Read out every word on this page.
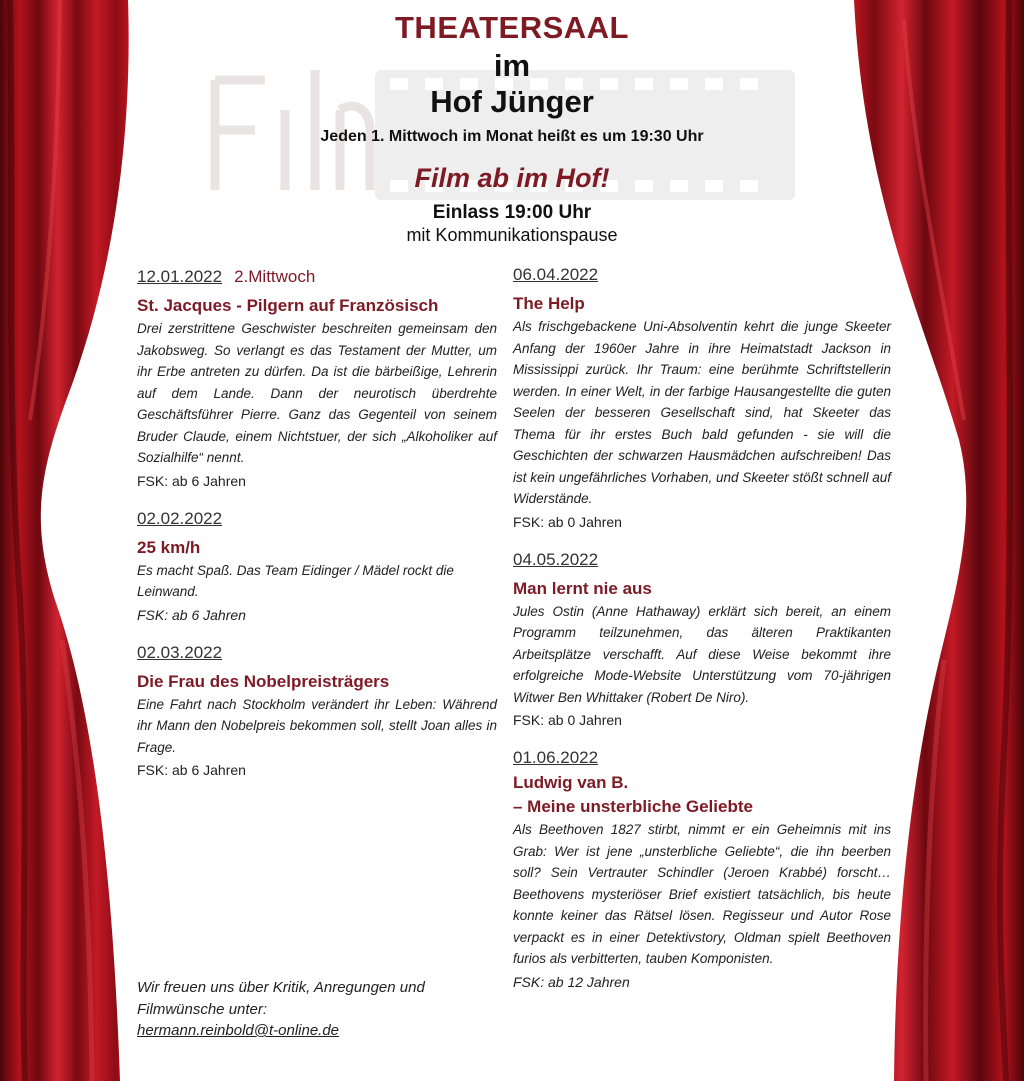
THEATERSAAL
im
Hof Jünger
Jeden 1. Mittwoch im Monat heißt es um 19:30 Uhr
Film ab im Hof!
Einlass 19:00 Uhr
mit Kommunikationspause
12.01.2022 2.Mittwoch
St. Jacques - Pilgern auf Französisch
Drei zerstrittene Geschwister beschreiten gemeinsam den Jakobsweg. So verlangt es das Testament der Mutter, um ihr Erbe antreten zu dürfen. Da ist die bärbeißige, Lehrerin auf dem Lande. Dann der neurotisch überdrehte Geschäftsführer Pierre. Ganz das Gegenteil von seinem Bruder Claude, einem Nichtstuer, der sich „Alkoholiker auf Sozialhilfe“ nennt.
FSK: ab 6 Jahren
02.02.2022
25 km/h
Es macht Spaß. Das Team Eidinger / Mädel rockt die Leinwand.
FSK: ab 6 Jahren
02.03.2022
Die Frau des Nobelpreisträgers
Eine Fahrt nach Stockholm verändert ihr Leben: Während ihr Mann den Nobelpreis bekommen soll, stellt Joan alles in Frage.
FSK: ab 6 Jahren
06.04.2022
The Help
Als frischgebackene Uni-Absolventin kehrt die junge Skeeter Anfang der 1960er Jahre in ihre Heimatstadt Jackson in Mississippi zurück. Ihr Traum: eine berühmte Schriftstellerin werden. In einer Welt, in der farbige Hausangestellte die guten Seelen der besseren Gesellschaft sind, hat Skeeter das Thema für ihr erstes Buch bald gefunden - sie will die Geschichten der schwarzen Hausmädchen aufschreiben! Das ist kein ungefährliches Vorhaben, und Skeeter stößt schnell auf Widerstände.
FSK: ab 0 Jahren
04.05.2022
Man lernt nie aus
Jules Ostin (Anne Hathaway) erklärt sich bereit, an einem Programm teilzunehmen, das älteren Praktikanten Arbeitsplätze verschafft. Auf diese Weise bekommt ihre erfolgreiche Mode-Website Unterstützung vom 70-jährigen Witwer Ben Whittaker (Robert De Niro).
FSK: ab 0 Jahren
01.06.2022
Ludwig van B.
– Meine unsterbliche Geliebte
Als Beethoven 1827 stirbt, nimmt er ein Geheimnis mit ins Grab: Wer ist jene „unsterbliche Geliebte“, die ihn beerben soll? Sein Vertrauter Schindler (Jeroen Krabbé) forscht… Beethovens mysteriöser Brief existiert tatsächlich, bis heute konnte keiner das Rätsel lösen. Regisseur und Autor Rose verpackt es in einer Detektivstory, Oldman spielt Beethoven furios als verbitterten, tauben Komponisten.
FSK: ab 12 Jahren
Wir freuen uns über Kritik, Anregungen und Filmwünsche unter:
hermann.reinbold@t-online.de
